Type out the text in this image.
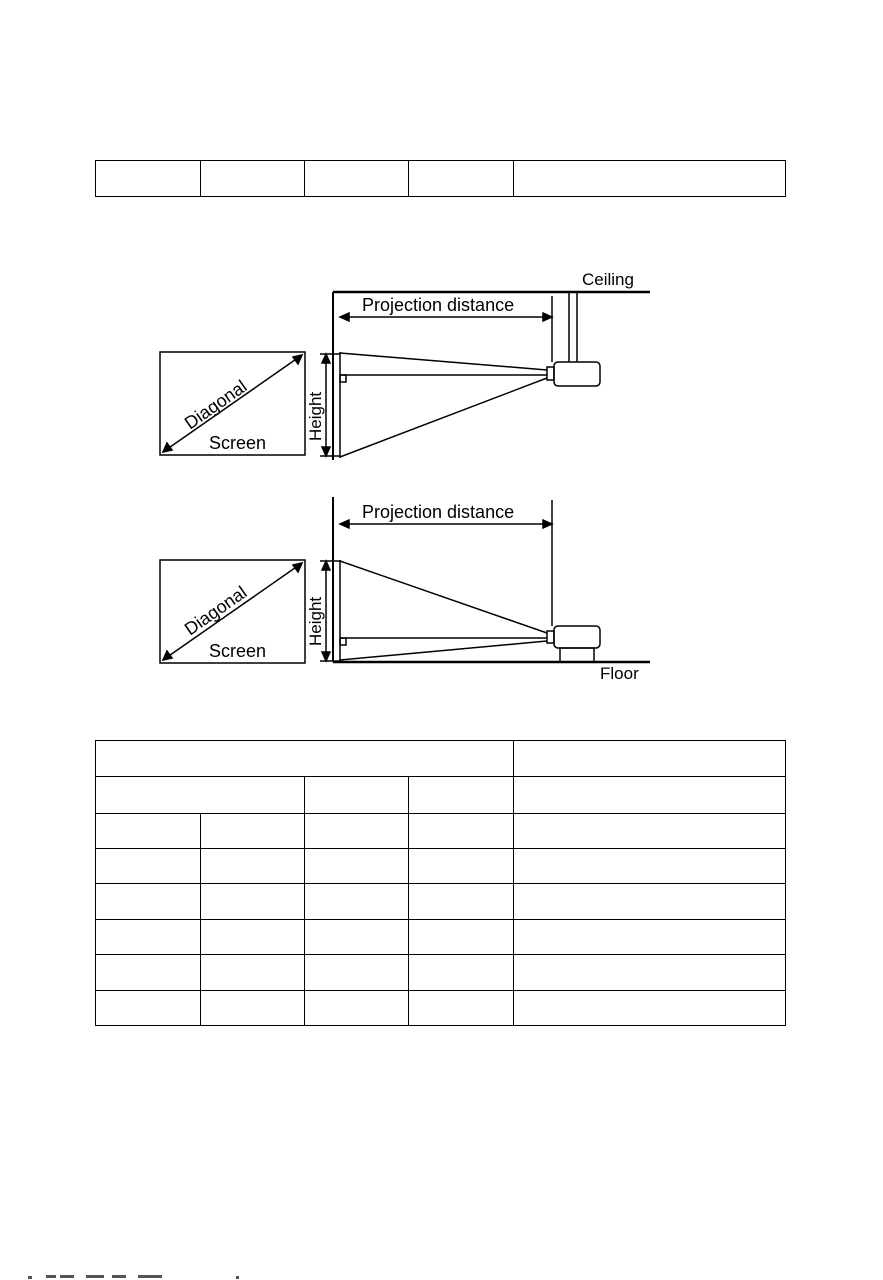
Ceiling
Projection distance
Height
Diagonal
Screen
Projection distance
Height
Diagonal
Screen
Floor
